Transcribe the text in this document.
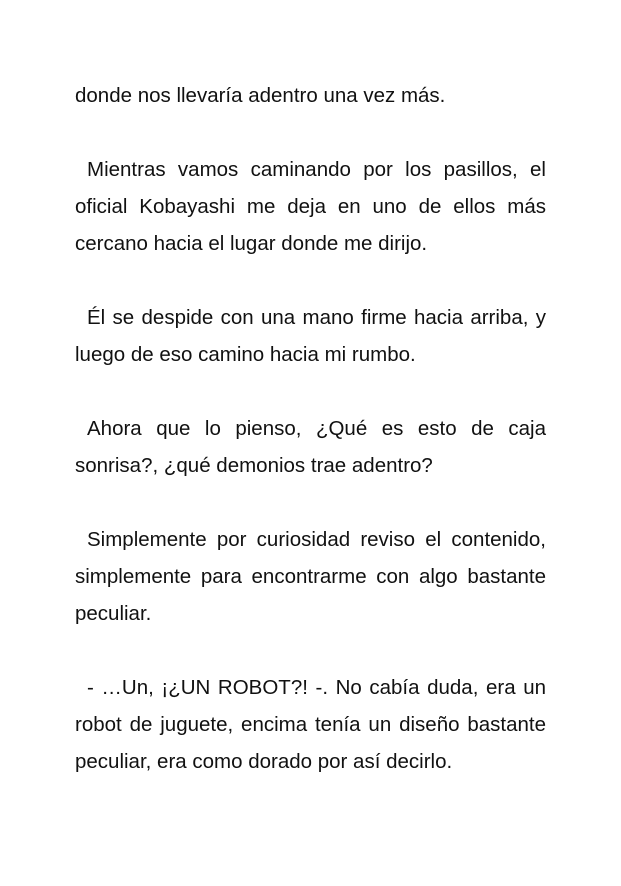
donde nos llevaría adentro una vez más.

Mientras vamos caminando por los pasillos, el
oficial Kobayashi me deja en uno de ellos más
cercano hacia el lugar donde me dirijo.

Él se despide con una mano firme hacia arriba, y
luego de eso camino hacia mi rumbo.

Ahora que lo pienso, ¿Qué es esto de caja
sonrisa?, ¿qué demonios trae adentro?

Simplemente por curiosidad reviso el contenido,
simplemente para encontrarme con algo bastante
peculiar.

- …Un, ¡¿UN ROBOT?! -. No cabía duda, era un
robot de juguete, encima tenía un diseño bastante
peculiar, era como dorado por así decirlo.
